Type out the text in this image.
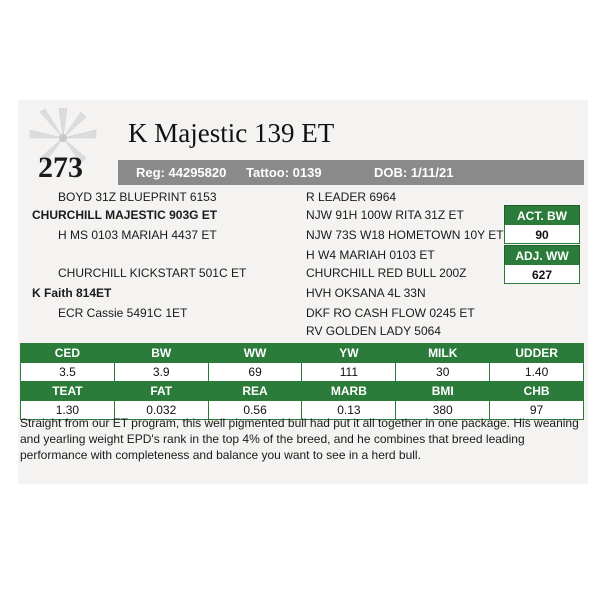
273
K Majestic 139 ET
Reg: 44295820 Tattoo: 0139	DOB: 1/11/21
BOYD 31Z BLUEPRINT 6153
CHURCHILL MAJESTIC 903G ET
H MS 0103 MARIAH 4437 ET
CHURCHILL KICKSTART 501C ET
K Faith 814ET
ECR Cassie 5491C 1ET
R LEADER 6964
NJW 91H 100W RITA 31Z ET
NJW 73S W18 HOMETOWN 10Y ET
H W4 MARIAH 0103 ET
CHURCHILL RED BULL 200Z
HVH OKSANA 4L 33N
DKF RO CASH FLOW 0245 ET
RV GOLDEN LADY 5064
ACT. BW
90
ADJ. WW
627
CED	BW	WW	YW	MILK	UDDER
3.5	3.9	69	111	30	1.40
TEAT	FAT	REA	MARB	BMI	CHB
1.30	0.032	0.56	0.13	380	97
Straight from our ET program, this well pigmented bull had put it all together in one package. His weaning and yearling weight EPD's rank in the top 4% of the breed, and he combines that breed leading performance with completeness and balance you want to see in a herd bull.
